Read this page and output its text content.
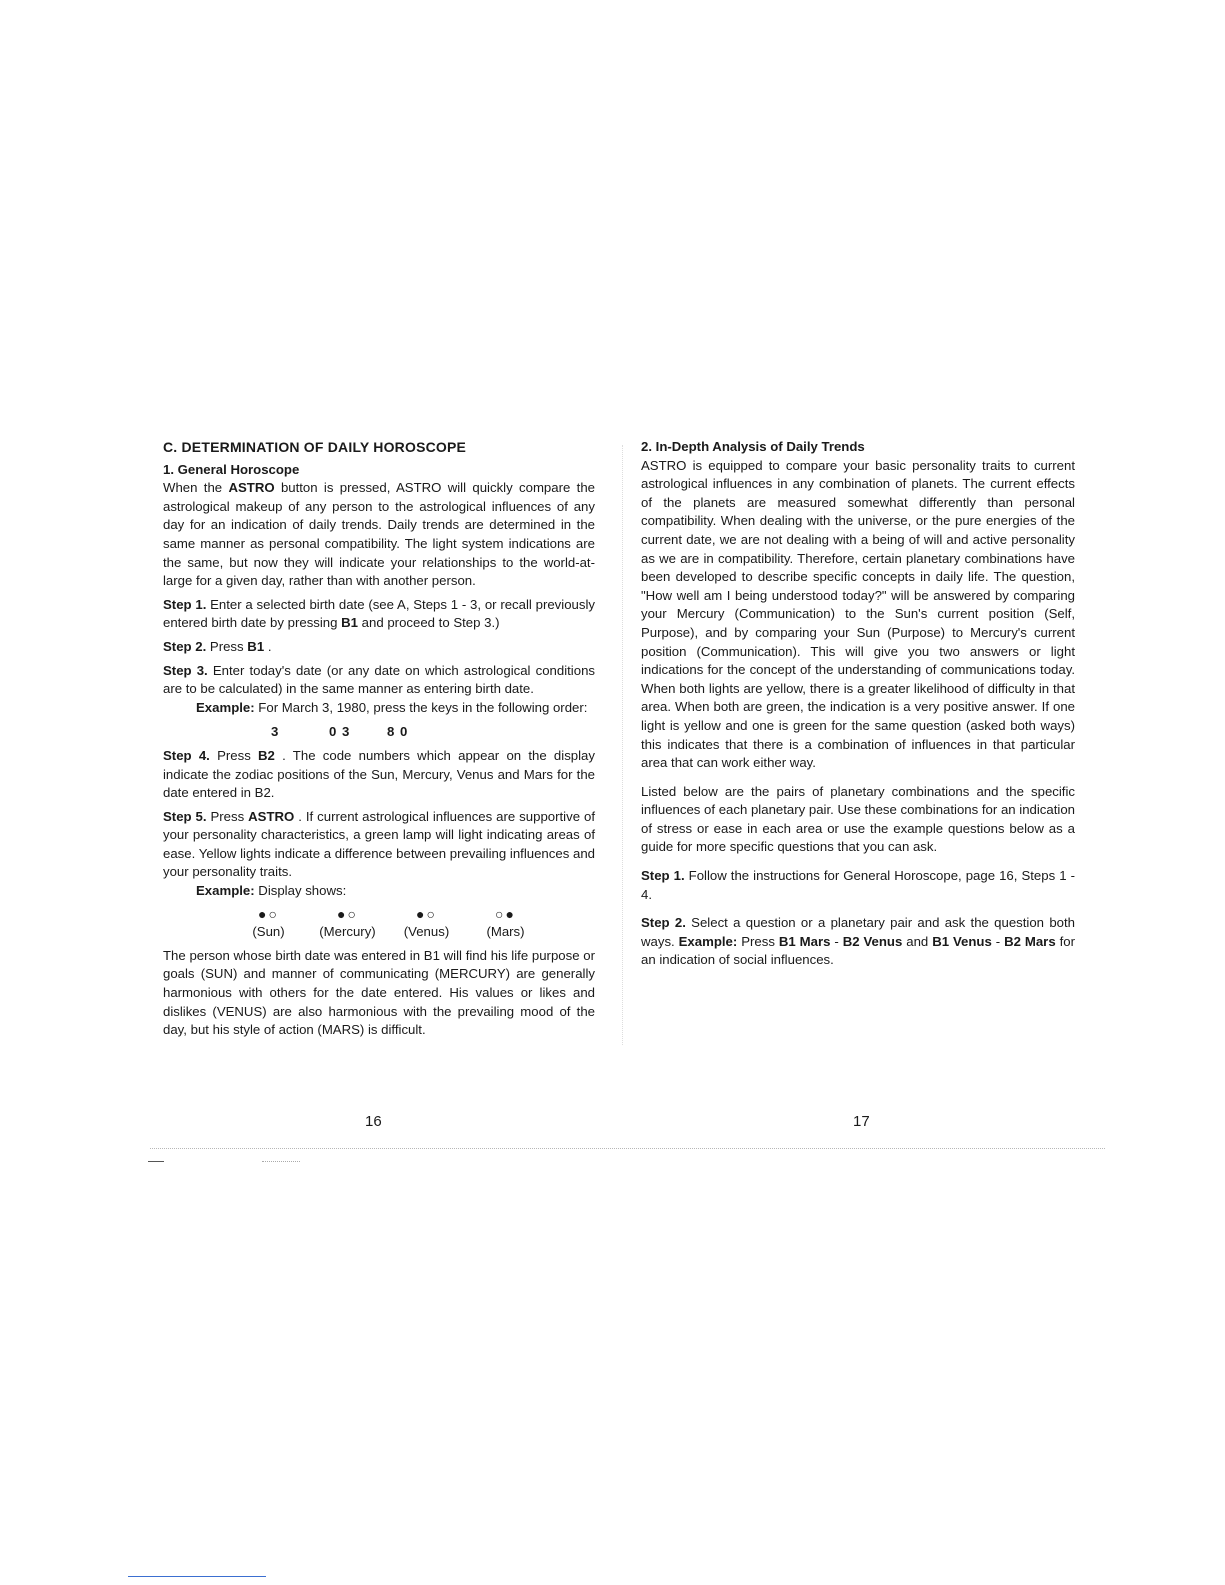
C. DETERMINATION OF DAILY HOROSCOPE
1. General Horoscope

When the ASTRO button is pressed, ASTRO will quickly compare the astrological makeup of any person to the astrological influences of any day for an indication of daily trends. Daily trends are determined in the same manner as personal compatibility. The light system indications are the same, but now they will indicate your relationships to the world-at-large for a given day, rather than with another person.

Step 1. Enter a selected birth date (see A, Steps 1 - 3, or recall previously entered birth date by pressing B1 and proceed to Step 3.)

Step 2. Press B1 .

Step 3. Enter today's date (or any date on which astrological conditions are to be calculated) in the same manner as entering birth date.

Example: For March 3, 1980, press the keys in the following order:

3	0 3	8 0

Step 4. Press B2 . The code numbers which appear on the display indicate the zodiac positions of the Sun, Mercury, Venus and Mars for the date entered in B2.

Step 5. Press ASTRO . If current astrological influences are supportive of your personality characteristics, a green lamp will light indicating areas of ease. Yellow lights indicate a difference between prevailing influences and your personality traits.

Example: Display shows:

●○	●○	●○	○●
(Sun)	(Mercury)	(Venus)	(Mars)

The person whose birth date was entered in B1 will find his life purpose or goals (SUN) and manner of communicating (MERCURY) are generally harmonious with others for the date entered. His values or likes and dislikes (VENUS) are also harmonious with the prevailing mood of the day, but his style of action (MARS) is difficult.

2. In-Depth Analysis of Daily Trends

ASTRO is equipped to compare your basic personality traits to current astrological influences in any combination of planets. The current effects of the planets are measured somewhat differently than personal compatibility. When dealing with the universe, or the pure energies of the current date, we are not dealing with a being of will and active personality as we are in compatibility. Therefore, certain planetary combinations have been developed to describe specific concepts in daily life. The question, "How well am I being understood today?" will be answered by comparing your Mercury (Communication) to the Sun's current position (Self, Purpose), and by comparing your Sun (Purpose) to Mercury's current position (Communication). This will give you two answers or light indications for the concept of the understanding of communications today. When both lights are yellow, there is a greater likelihood of difficulty in that area. When both are green, the indication is a very positive answer. If one light is yellow and one is green for the same question (asked both ways) this indicates that there is a combination of influences in that particular area that can work either way.

Listed below are the pairs of planetary combinations and the specific influences of each planetary pair. Use these combinations for an indication of stress or ease in each area or use the example questions below as a guide for more specific questions that you can ask.

Step 1. Follow the instructions for General Horoscope, page 16, Steps 1 - 4.

Step 2. Select a question or a planetary pair and ask the question both ways. Example: Press B1 Mars - B2 Venus and B1 Venus - B2 Mars for an indication of social influences.

16	17
